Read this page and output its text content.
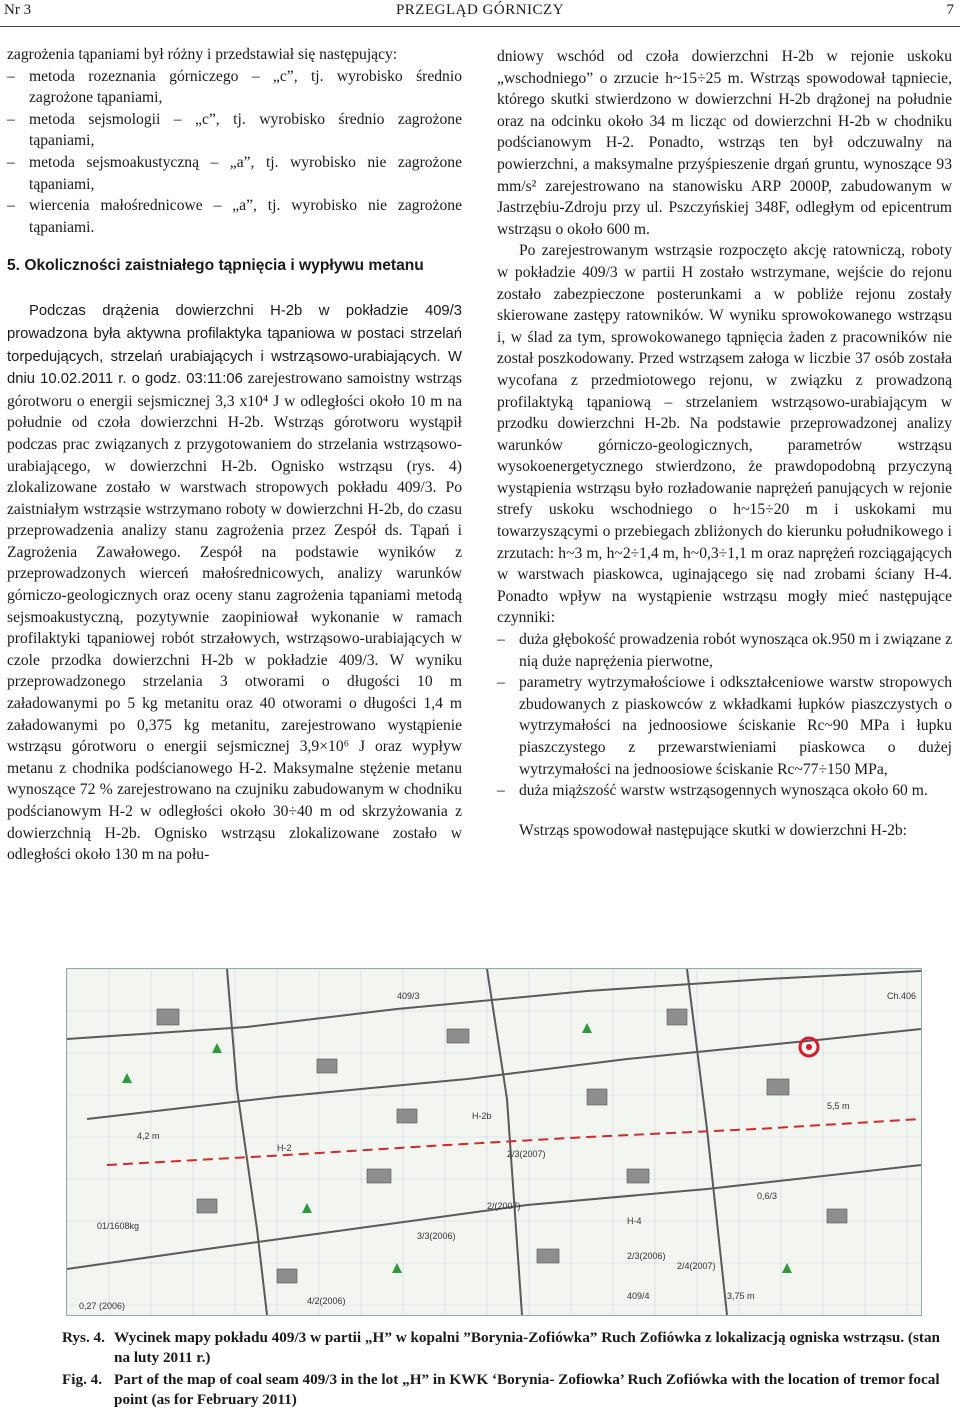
Nr 3	PRZEGLĄD GÓRNICZY	7

zagrożenia tąpaniami był różny i przedstawiał się następujący:

– metoda rozeznania górniczego – „c”, tj. wyrobisko średnio zagrożone tąpaniami,
– metoda sejsmologii – „c”, tj. wyrobisko średnio zagrożone tąpaniami,
– metoda sejsmoakustyczną – „a”, tj. wyrobisko nie zagrożone tąpaniami,
– wiercenia małośrednicowe – „a”, tj. wyrobisko nie zagrożone tąpaniami.
5. Okoliczności zaistniałego tąpnięcia i wypływu metanu

Podczas drążenia dowierzchni H-2b w pokładzie 409/3 prowadzona była aktywna profilaktyka tąpaniowa w postaci strzelań torpedujących, strzelań urabiających i wstrząsowo-urabiających. W dniu 10.02.2011 r. o godz. 03:11:06 zarejestrowano samoistny wstrząs górotworu o energii sejsmicznej 3,3 x10⁴ J w odległości około 10 m na południe od czoła dowierzchni H-2b. Wstrząs górotworu wystąpił podczas prac związanych z przygotowaniem do strzelania wstrząsowo-urabiającego, w dowierzchni H-2b. Ognisko wstrząsu (rys. 4) zlokalizowane zostało w warstwach stropowych pokładu 409/3. Po zaistniałym wstrząsie wstrzymano roboty w dowierzchni H-2b, do czasu przeprowadzenia analizy stanu zagrożenia przez Zespół ds. Tąpań i Zagrożenia Zawałowego. Zespół na podstawie wyników z przeprowadzonych wierceń małośrednicowych, analizy warunków górniczo-geologicznych oraz oceny stanu zagrożenia tąpaniami metodą sejsmoakustyczną, pozytywnie zaopiniował wykonanie w ramach profilaktyki tąpaniowej robót strzałowych, wstrząsowo-urabiających w czole przodka dowierzchni H-2b w pokładzie 409/3. W wyniku przeprowadzonego strzelania 3 otworami o długości 10 m załadowanymi po 5 kg metanitu oraz 40 otworami o długości 1,4 m załadowanymi po 0,375 kg metanitu, zarejestrowano wystąpienie wstrząsu górotworu o energii sejsmicznej 3,9×10⁶ J oraz wypływ metanu z chodnika podścianowego H-2. Maksymalne stężenie metanu wynoszące 72 % zarejestrowano na czujniku zabudowanym w chodniku podścianowym H-2 w odległości około 30÷40 m od skrzyżowania z dowierzchnią H-2b. Ognisko wstrząsu zlokalizowane zostało w odległości około 130 m na połu-

dniowy wschód od czoła dowierzchni H-2b w rejonie uskoku „wschodniego” o zrzucie h~15÷25 m. Wstrząs spowodował tąpniecie, którego skutki stwierdzono w dowierzchni H-2b drążonej na południe oraz na odcinku około 34 m licząc od dowierzchni H-2b w chodniku podścianowym H-2. Ponadto, wstrząs ten był odczuwalny na powierzchni, a maksymalne przyśpieszenie drgań gruntu, wynoszące 93 mm/s² zarejestrowano na stanowisku ARP 2000P, zabudowanym w Jastrzębiu-Zdroju przy ul. Pszczyńskiej 348F, odległym od epicentrum wstrząsu o około 600 m.

Po zarejestrowanym wstrząsie rozpoczęto akcję ratowniczą, roboty w pokładzie 409/3 w partii H zostało wstrzymane, wejście do rejonu zostało zabezpieczone posterunkami a w pobliże rejonu zostały skierowane zastępy ratowników. W wyniku sprowokowanego wstrząsu i, w ślad za tym, sprowokowanego tąpnięcia żaden z pracowników nie został poszkodowany. Przed wstrząsem załoga w liczbie 37 osób została wycofana z przedmiotowego rejonu, w związku z prowadzoną profilaktyką tąpaniową – strzelaniem wstrząsowo-urabiającym w przodku dowierzchni H-2b. Na podstawie przeprowadzonej analizy warunków górniczo-geologicznych, parametrów wstrząsu wysokoenergetycznego stwierdzono, że prawdopodobną przyczyną wystąpienia wstrząsu było rozładowanie naprężeń panujących w rejonie strefy uskoku wschodniego o h~15÷20 m i uskokami mu towarzyszącymi o przebiegach zbliżonych do kierunku południkowego i zrzutach: h~3 m, h~2÷1,4 m, h~0,3÷1,1 m oraz naprężeń rozciągających w warstwach piaskowca, uginającego się nad zrobami ściany H-4. Ponadto wpływ na wystąpienie wstrząsu mogły mieć następujące czynniki:

– duża głębokość prowadzenia robót wynosząca ok.950 m i związane z nią duże naprężenia pierwotne,
– parametry wytrzymałościowe i odkształceniowe warstw stropowych zbudowanych z piaskowców z wkładkami łupków piaszczystych o wytrzymałości na jednoosiowe ściskanie Rc~90 MPa i łupku piaszczystego z przewarstwieniami piaskowca o dużej wytrzymałości na jednoosiowe ściskanie Rc~77÷150 MPa,
– duża miąższość warstw wstrząsogennych wynosząca około 60 m.

Wstrząs spowodował następujące skutki w dowierzchni H-2b:

H-2
H-2b
H-4
409/3
409/4
5,5 m
4,2 m
Ch.406
01/1608kg
2/3(2007)
2/4(2007)
2/3(2006)
3/3(2006)
0,27 (2006)	4/2(2006)	3,75 m
2/(2007)
0,6/3
Rys. 4. Wycinek mapy pokładu 409/3 w partii „H” w kopalni ”Borynia-Zofiówka” Ruch Zofiówka z lokalizacją ogniska wstrząsu. (stan na luty 2011 r.)
Fig. 4. Part of the map of coal seam 409/3 in the lot „H” in KWK ‘Borynia- Zofiowka’ Ruch Zofiówka with the location of tremor focal point (as for February 2011)
